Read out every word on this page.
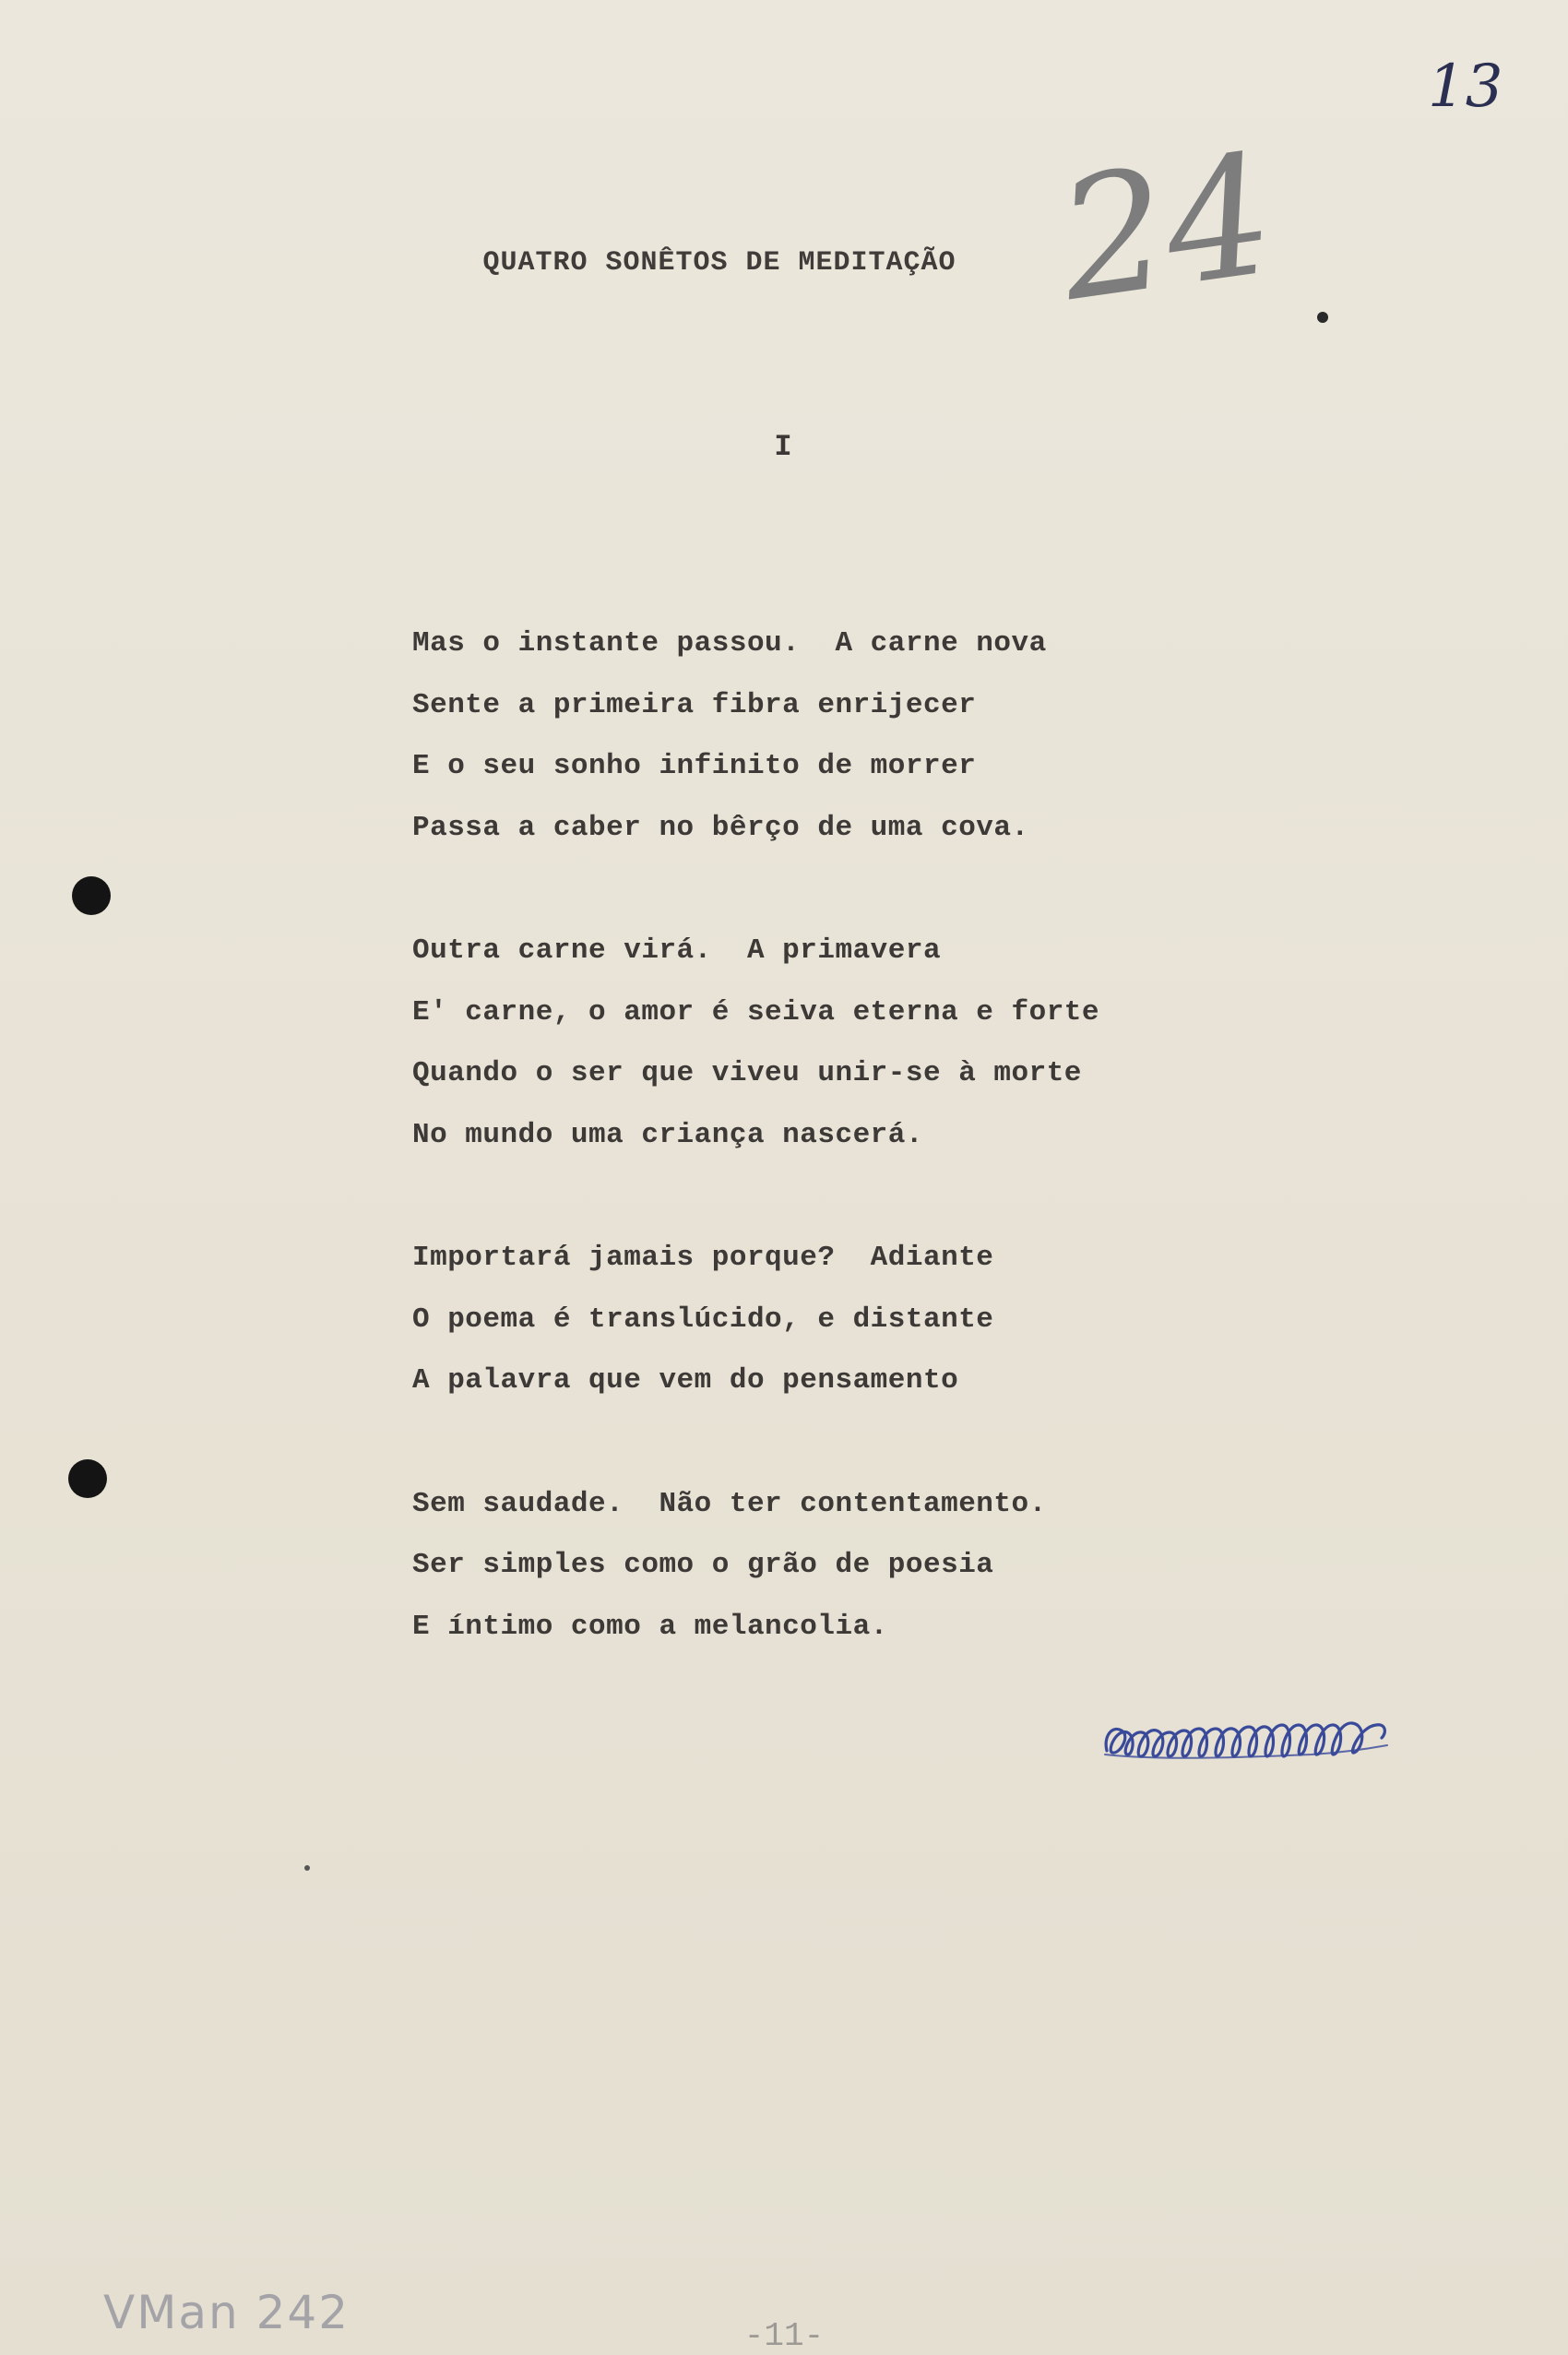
13
24
QUATRO SONÊTOS DE MEDITAÇÃO
I
Mas o instante passou.  A carne nova
Sente a primeira fibra enrijecer
E o seu sonho infinito de morrer
Passa a caber no bêrço de uma cova.
Outra carne virá.  A primavera
E' carne, o amor é seiva eterna e forte
Quando o ser que viveu unir-se à morte
No mundo uma criança nascerá.
Importará jamais porque?  Adiante
O poema é translúcido, e distante
A palavra que vem do pensamento
Sem saudade.  Não ter contentamento.
Ser simples como o grão de poesia
E íntimo como a melancolia.
VMan 242	-11-
